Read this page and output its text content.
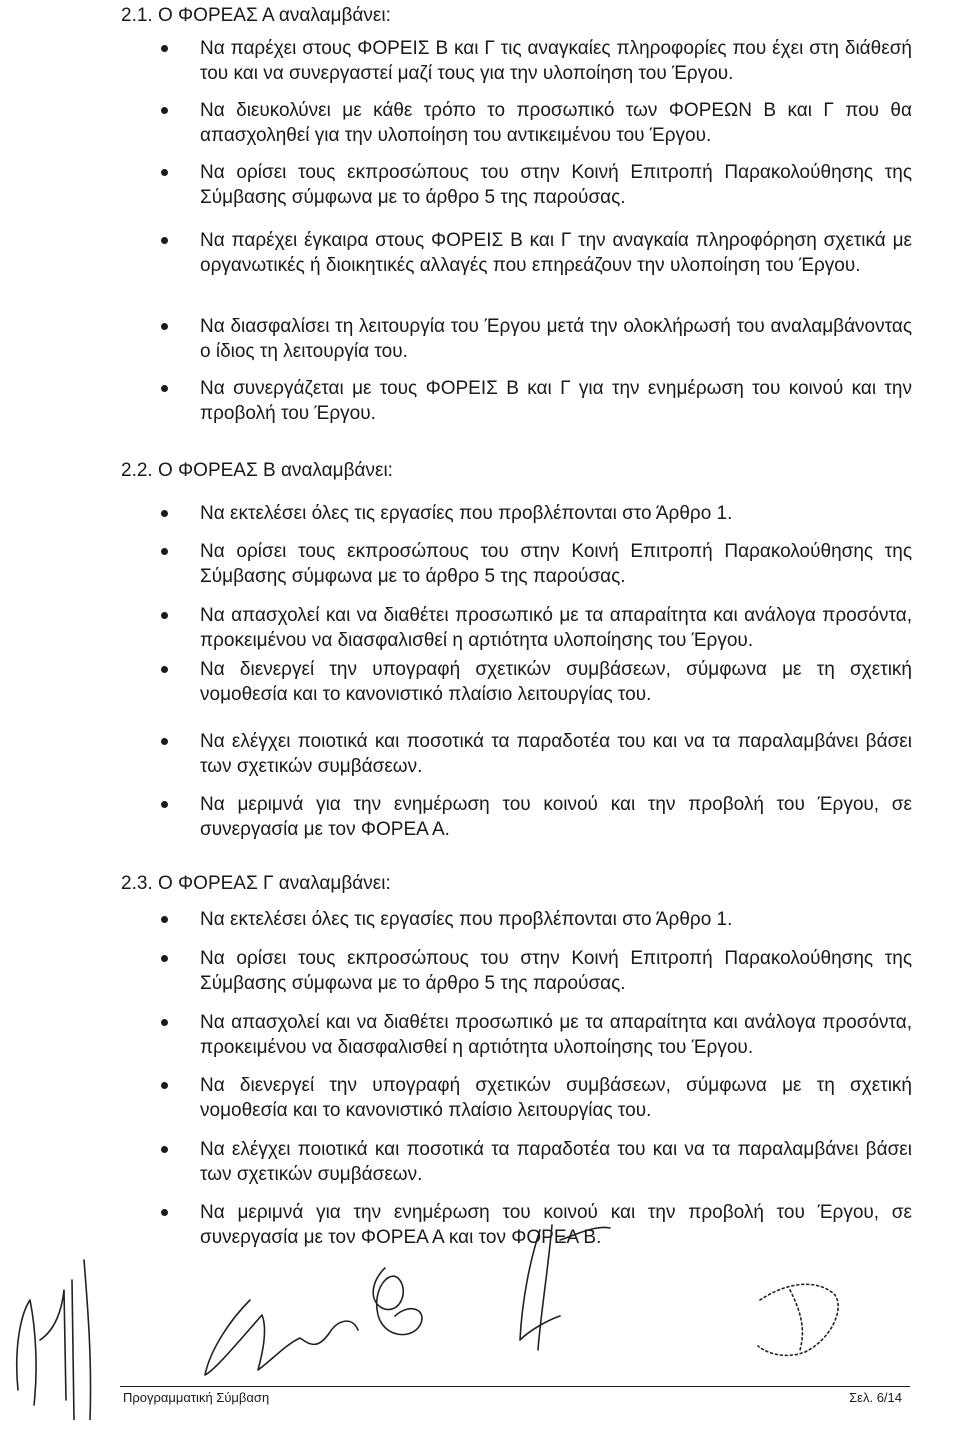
2.1. Ο ΦΟΡΕΑΣ Α αναλαμβάνει:
Να παρέχει στους ΦΟΡΕΙΣ Β και Γ τις αναγκαίες πληροφορίες που έχει στη διάθεσή του και να συνεργαστεί μαζί τους για την υλοποίηση του Έργου.
Να διευκολύνει με κάθε τρόπο το προσωπικό των ΦΟΡΕΩΝ Β και Γ που θα απασχοληθεί για την υλοποίηση του αντικειμένου του Έργου.
Να ορίσει τους εκπροσώπους του στην Κοινή Επιτροπή Παρακολούθησης της Σύμβασης σύμφωνα με το άρθρο 5 της παρούσας.
Να παρέχει έγκαιρα στους ΦΟΡΕΙΣ Β και Γ την αναγκαία πληροφόρηση σχετικά με οργανωτικές ή διοικητικές αλλαγές που επηρεάζουν την υλοποίηση του Έργου.
Να διασφαλίσει τη λειτουργία του Έργου μετά την ολοκλήρωσή του αναλαμβάνοντας ο ίδιος τη λειτουργία του.
Να συνεργάζεται με τους ΦΟΡΕΙΣ Β και Γ για την ενημέρωση του κοινού και την προβολή του Έργου.
2.2. Ο ΦΟΡΕΑΣ Β αναλαμβάνει:
Να εκτελέσει όλες τις εργασίες που προβλέπονται στο Άρθρο 1.
Να ορίσει τους εκπροσώπους του στην Κοινή Επιτροπή Παρακολούθησης της Σύμβασης σύμφωνα με το άρθρο 5 της παρούσας.
Να απασχολεί και να διαθέτει προσωπικό με τα απαραίτητα και ανάλογα προσόντα, προκειμένου να διασφαλισθεί η αρτιότητα υλοποίησης του Έργου.
Να διενεργεί την υπογραφή σχετικών συμβάσεων, σύμφωνα με τη σχετική νομοθεσία και το κανονιστικό πλαίσιο λειτουργίας του.
Να ελέγχει ποιοτικά και ποσοτικά τα παραδοτέα του και να τα παραλαμβάνει βάσει των σχετικών συμβάσεων.
Να μεριμνά για την ενημέρωση του κοινού και την προβολή του Έργου, σε συνεργασία με τον ΦΟΡΕΑ Α.
2.3. Ο ΦΟΡΕΑΣ Γ αναλαμβάνει:
Να εκτελέσει όλες τις εργασίες που προβλέπονται στο Άρθρο 1.
Να ορίσει τους εκπροσώπους του στην Κοινή Επιτροπή Παρακολούθησης της Σύμβασης σύμφωνα με το άρθρο 5 της παρούσας.
Να απασχολεί και να διαθέτει προσωπικό με τα απαραίτητα και ανάλογα προσόντα, προκειμένου να διασφαλισθεί η αρτιότητα υλοποίησης του Έργου.
Να διενεργεί την υπογραφή σχετικών συμβάσεων, σύμφωνα με τη σχετική νομοθεσία και το κανονιστικό πλαίσιο λειτουργίας του.
Να ελέγχει ποιοτικά και ποσοτικά τα παραδοτέα του και να τα παραλαμβάνει βάσει των σχετικών συμβάσεων.
Να μεριμνά για την ενημέρωση του κοινού και την προβολή του Έργου, σε συνεργασία με τον ΦΟΡΕΑ Α και τον ΦΟΡΕΑ Β.
Προγραμματική Σύμβαση	Σελ. 6/14
